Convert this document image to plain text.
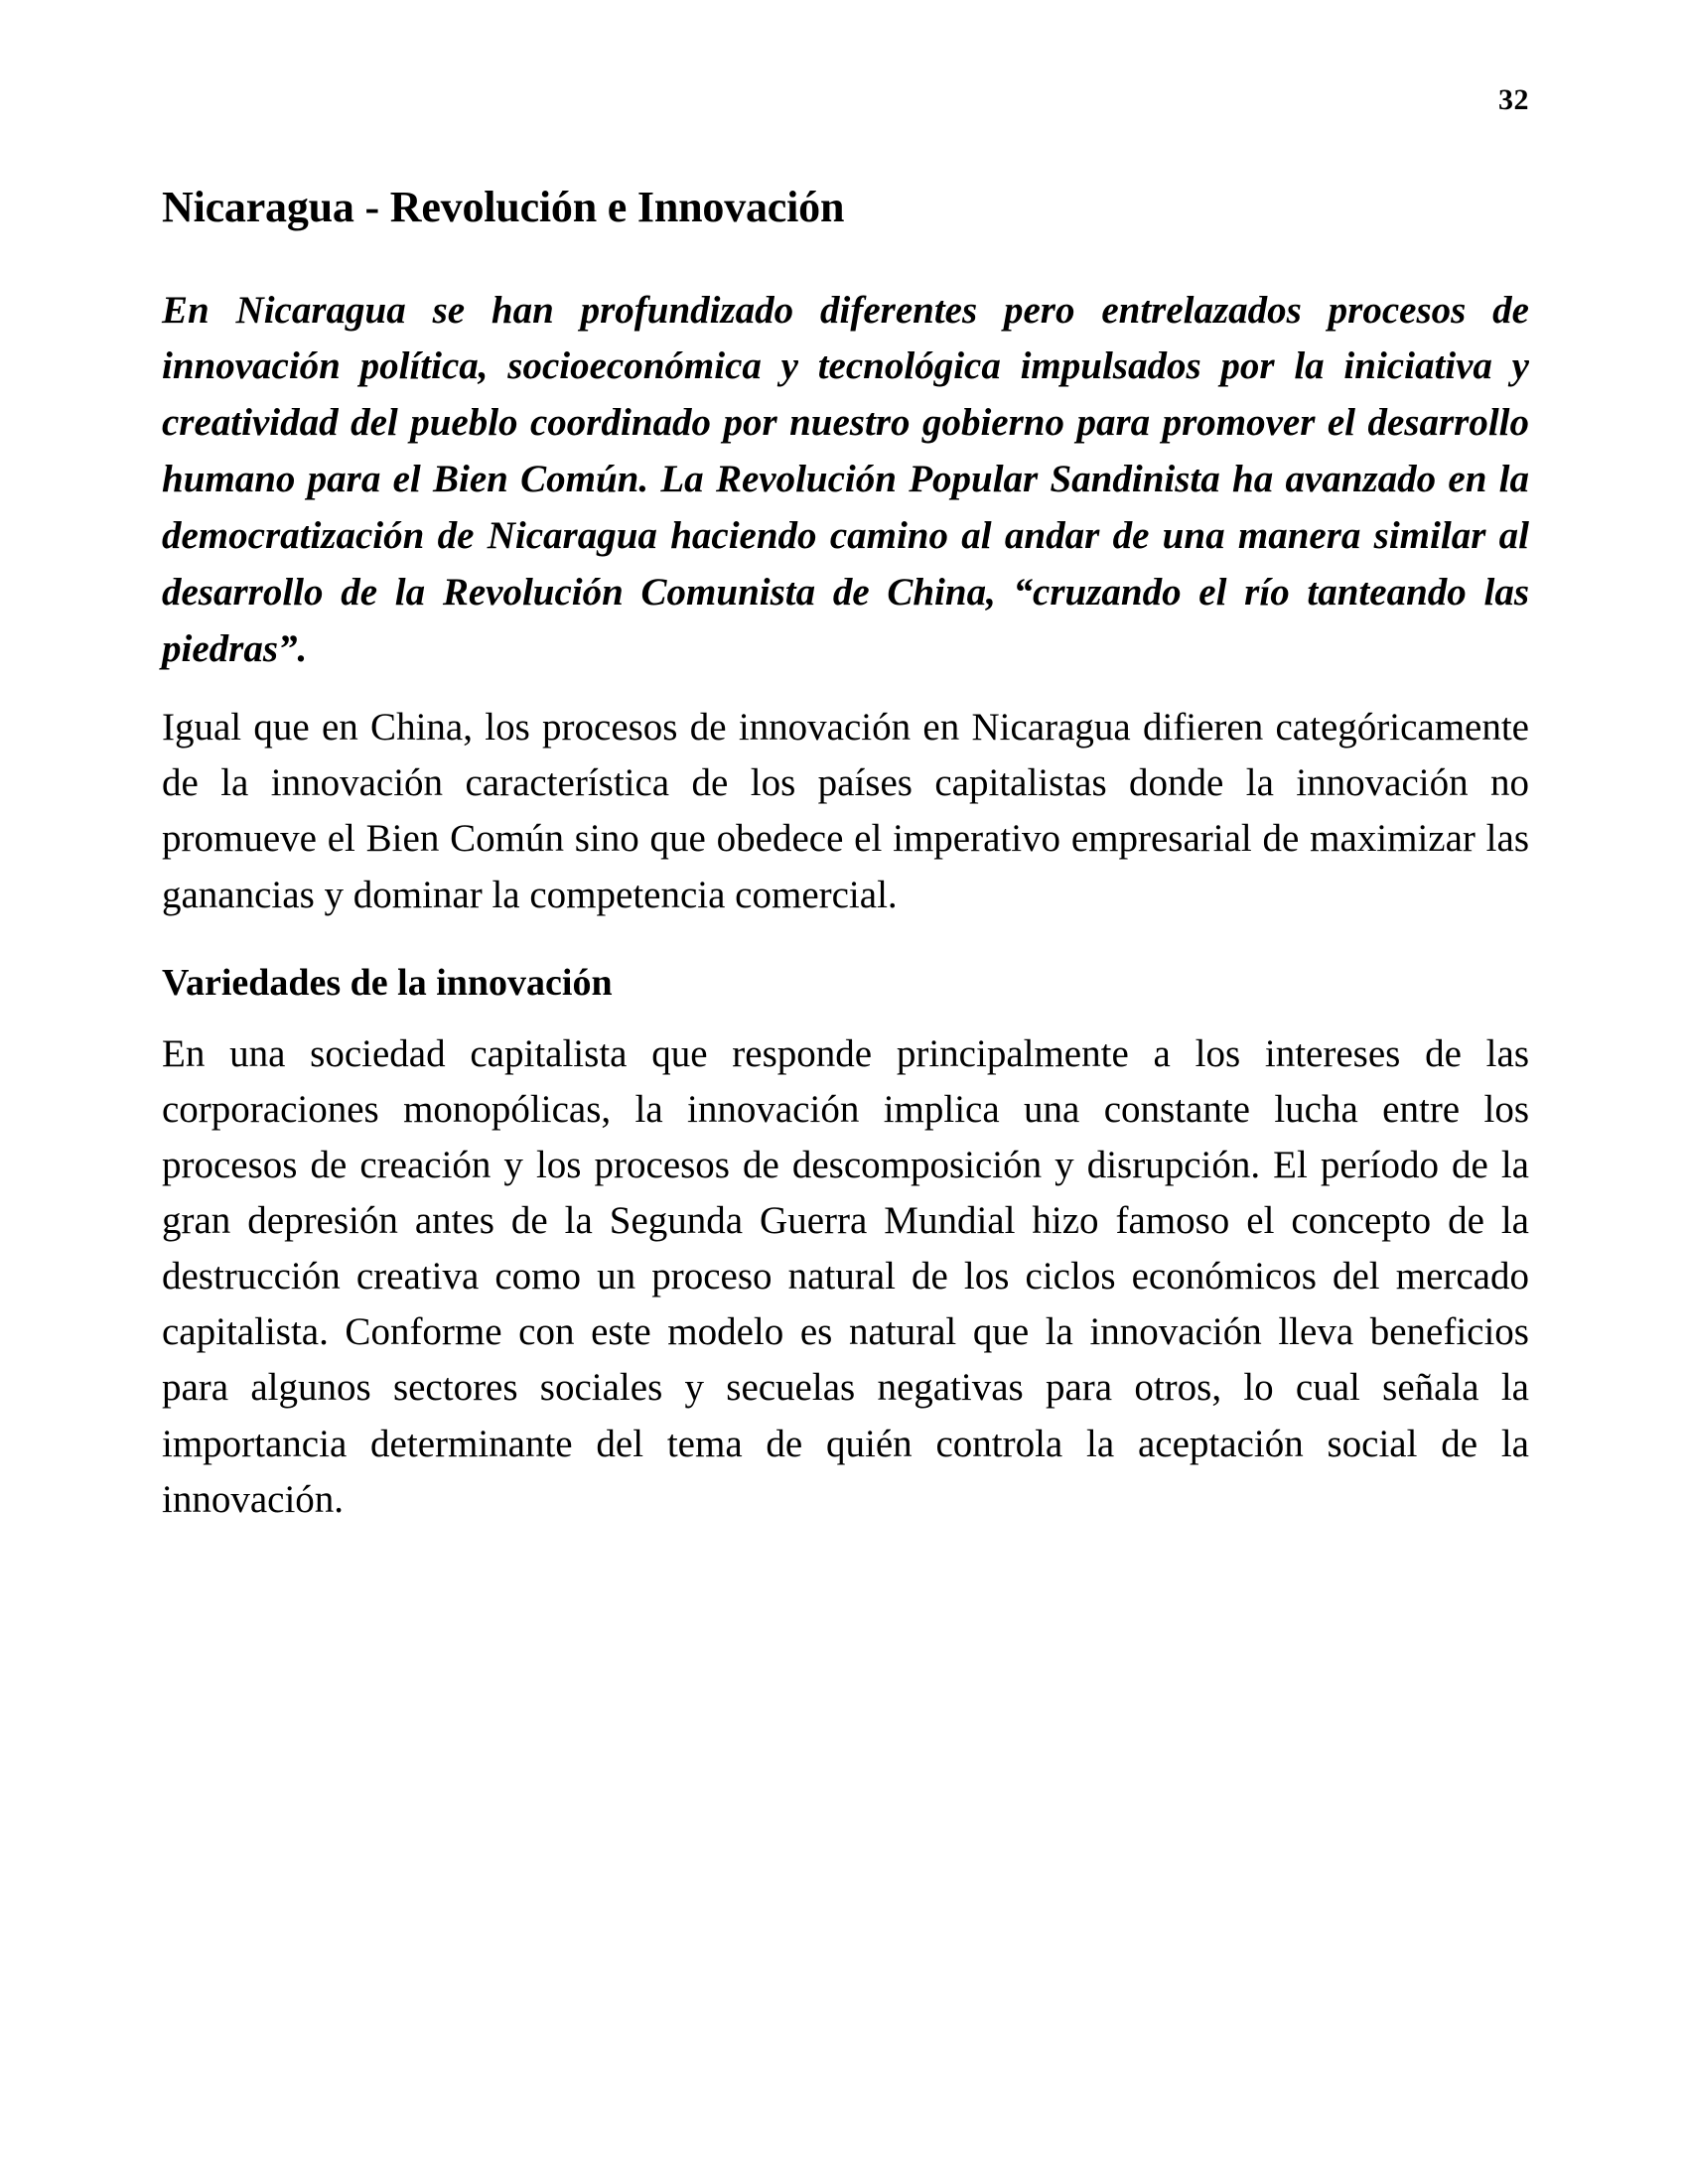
32
Nicaragua - Revolución e Innovación

En Nicaragua se han profundizado diferentes pero entrelazados procesos de innovación política, socioeconómica y tecnológica impulsados por la iniciativa y creatividad del pueblo coordinado por nuestro gobierno para promover el desarrollo humano para el Bien Común. La Revolución Popular Sandinista ha avanzado en la democratización de Nicaragua haciendo camino al andar de una manera similar al desarrollo de la Revolución Comunista de China, “cruzando el río tanteando las piedras”.

Igual que en China, los procesos de innovación en Nicaragua difieren categóricamente de la innovación característica de los países capitalistas donde la innovación no promueve el Bien Común sino que obedece el imperativo empresarial de maximizar las ganancias y dominar la competencia comercial.

Variedades de la innovación

En una sociedad capitalista que responde principalmente a los intereses de las corporaciones monopólicas, la innovación implica una constante lucha entre los procesos de creación y los procesos de descomposición y disrupción. El período de la gran depresión antes de la Segunda Guerra Mundial hizo famoso el concepto de la destrucción creativa como un proceso natural de los ciclos económicos del mercado capitalista. Conforme con este modelo es natural que la innovación lleva beneficios para algunos sectores sociales y secuelas negativas para otros, lo cual señala la importancia determinante del tema de quién controla la aceptación social de la innovación.
